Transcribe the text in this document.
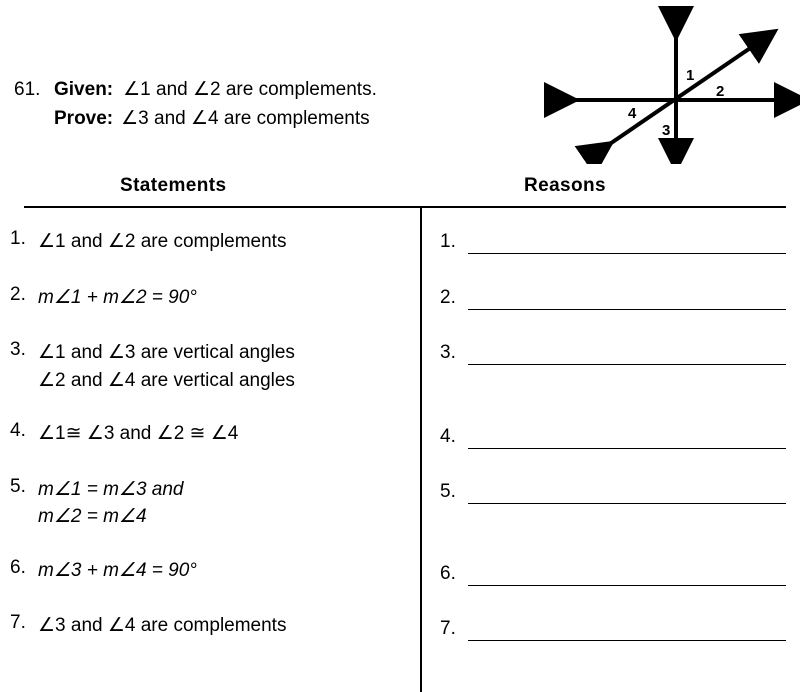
61. Given: ∠1 and ∠2 are complements.
Prove: ∠3 and ∠4 are complements
1
2
4
3
Statements	Reasons
1. ∠1 and ∠2 are complements
2. m∠1 + m∠2 = 90°
3. ∠1 and ∠3 are vertical angles
∠2 and ∠4 are vertical angles
4. ∠1≅ ∠3 and ∠2 ≅ ∠4
5. m∠1 = m∠3 and
m∠2 = m∠4
6. m∠3 + m∠4 = 90°
7. ∠3 and ∠4 are complements
1.
2.
3.
4.
5.
6.
7.
